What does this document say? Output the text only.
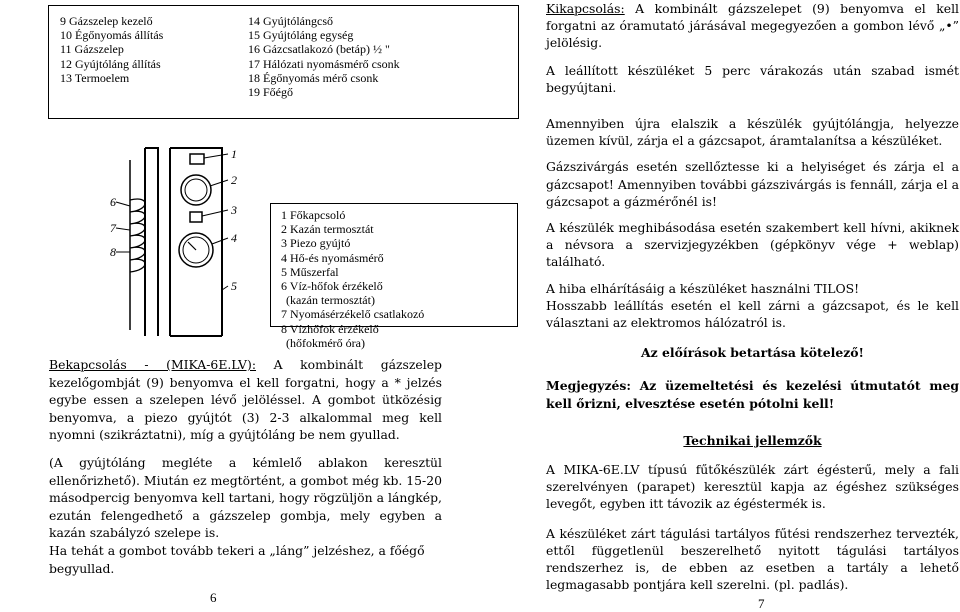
9 Gázszelep kezelő
10 Égőnyomás állítás
11 Gázszelep
12 Gyújtóláng állítás
13 Termoelem
14 Gyújtólángcső
15 Gyújtóláng egység
16 Gázcsatlakozó (betáp) ½ "
17 Hálózati nyomásmérő csonk
18 Égőnyomás mérő csonk
19 Főégő
1
2
3
4
5
6
7
8
1 Főkapcsoló
2 Kazán termosztát
3 Piezo gyújtó
4 Hő-és nyomásmérő
5 Műszerfal
6 Víz-hőfok érzékelő
(kazán termosztát)
7 Nyomásérzékelő csatlakozó
8 Vízhőfok érzékelő
(hőfokmérő óra)

Bekapcsolás - (MIKA-6E.LV): A kombinált gázszelep kezelőgombját (9) benyomva el kell forgatni, hogy a * jelzés egybe essen a szelepen lévő jelöléssel. A gombot ütközésig benyomva, a piezo gyújtót (3) 2-3 alkalommal meg kell nyomni (szikráztatni), míg a gyújtóláng be nem gyullad.

(A gyújtóláng megléte a kémlelő ablakon keresztül ellenőrizhető). Miután ez megtörtént, a gombot még kb. 15-20 másodpercig benyomva kell tartani, hogy rögzüljön a lángkép, ezután felengedhető a gázszelep gombja, mely egyben a kazán szabályzó szelepe is.

Ha tehát a gombot tovább tekeri a „láng” jelzéshez, a főégő begyullad.

6

Kikapcsolás: A kombinált gázszelepet (9) benyomva el kell forgatni az óramutató járásával megegyezően a gombon lévő „•” jelölésig.

A leállított készüléket 5 perc várakozás után szabad ismét begyújtani.

Amennyiben újra elalszik a készülék gyújtólángja, helyezze üzemen kívül, zárja el a gázcsapot, áramtalanítsa a készüléket.

Gázszivárgás esetén szellőztesse ki a helyiséget és zárja el a gázcsapot! Amennyiben további gázszivárgás is fennáll, zárja el a gázcsapot a gázmérőnél is!

A készülék meghibásodása esetén szakembert kell hívni, akiknek a névsora a szervizjegyzékben (gépkönyv vége + weblap) található.

A hiba elhárításáig a készüléket használni TILOS!

Hosszabb leállítás esetén el kell zárni a gázcsapot, és le kell választani az elektromos hálózatról is.

Az előírások betartása kötelező!

Megjegyzés: Az üzemeltetési és kezelési útmutatót meg kell őrizni, elvesztése esetén pótolni kell!

Technikai jellemzők

A MIKA-6E.LV típusú fűtőkészülék zárt égésterű, mely a fali szerelvényen (parapet) keresztül kapja az égéshez szükséges levegőt, egyben itt távozik az égéstermék is.

A készüléket zárt tágulási tartályos fűtési rendszerhez tervezték, ettől függetlenül beszerelhető nyitott tágulási tartályos rendszerhez is, de ebben az esetben a tartály a lehető legmagasabb pontjára kell szerelni. (pl. padlás).

7
